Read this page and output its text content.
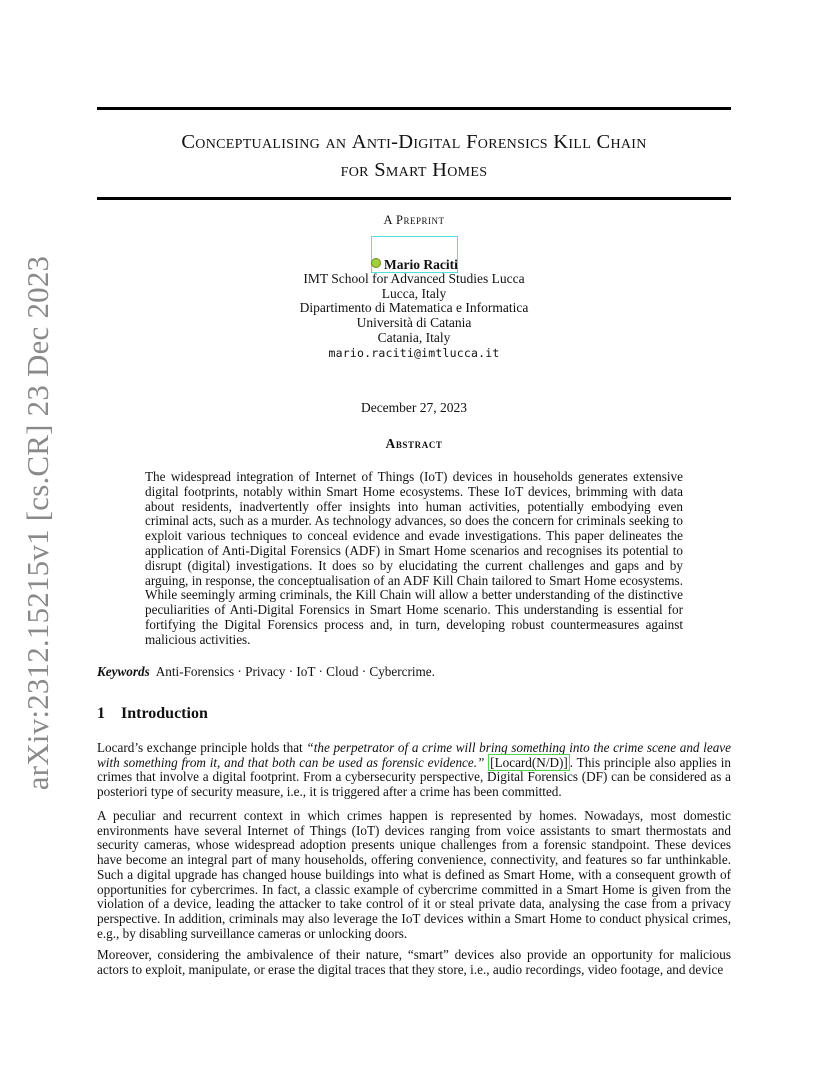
arXiv:2312.15215v1 [cs.CR] 23 Dec 2023
Conceptualising an Anti-Digital Forensics Kill Chain
for Smart Homes

A Preprint

Mario Raciti
IMT School for Advanced Studies Lucca
Lucca, Italy
Dipartimento di Matematica e Informatica
Università di Catania
Catania, Italy
mario.raciti@imtlucca.it

December 27, 2023

Abstract

The widespread integration of Internet of Things (IoT) devices in households generates extensive digital footprints, notably within Smart Home ecosystems. These IoT devices, brimming with data about residents, inadvertently offer insights into human activities, potentially embodying even criminal acts, such as a murder. As technology advances, so does the concern for criminals seeking to exploit various techniques to conceal evidence and evade investigations. This paper delineates the application of Anti-Digital Forensics (ADF) in Smart Home scenarios and recognises its potential to disrupt (digital) investigations. It does so by elucidating the current challenges and gaps and by arguing, in response, the conceptualisation of an ADF Kill Chain tailored to Smart Home ecosystems. While seemingly arming criminals, the Kill Chain will allow a better understanding of the distinctive peculiarities of Anti-Digital Forensics in Smart Home scenario. This understanding is essential for fortifying the Digital Forensics process and, in turn, developing robust countermeasures against malicious activities.

Keywords Anti-Forensics · Privacy · IoT · Cloud · Cybercrime.

1 Introduction

Locard’s exchange principle holds that “the perpetrator of a crime will bring something into the crime scene and leave with something from it, and that both can be used as forensic evidence.” [Locard(N/D)] . This principle also applies in crimes that involve a digital footprint. From a cybersecurity perspective, Digital Forensics (DF) can be considered as a posteriori type of security measure, i.e., it is triggered after a crime has been committed.

A peculiar and recurrent context in which crimes happen is represented by homes. Nowadays, most domestic environments have several Internet of Things (IoT) devices ranging from voice assistants to smart thermostats and security cameras, whose widespread adoption presents unique challenges from a forensic standpoint. These devices have become an integral part of many households, offering convenience, connectivity, and features so far unthinkable. Such a digital upgrade has changed house buildings into what is defined as Smart Home, with a consequent growth of opportunities for cybercrimes. In fact, a classic example of cybercrime committed in a Smart Home is given from the violation of a device, leading the attacker to take control of it or steal private data, analysing the case from a privacy perspective. In addition, criminals may also leverage the IoT devices within a Smart Home to conduct physical crimes, e.g., by disabling surveillance cameras or unlocking doors.

Moreover, considering the ambivalence of their nature, “smart” devices also provide an opportunity for malicious actors to exploit, manipulate, or erase the digital traces that they store, i.e., audio recordings, video footage, and device
